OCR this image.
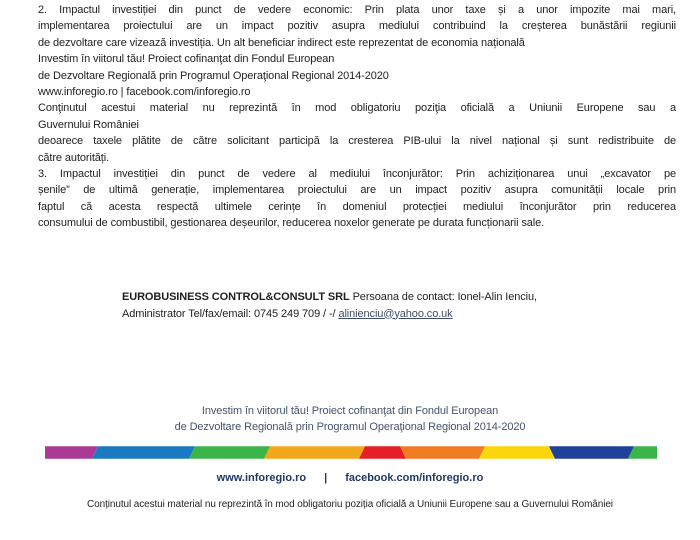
2. Impactul investiției din punct de vedere economic: Prin plata unor taxe și a unor impozite mai mari,
implementarea proiectului are un impact pozitiv asupra mediului contribuind la creșterea bunăstării regiunii
de dezvoltare care vizează investiția. Un alt beneficiar indirect este reprezentat de economia națională
Investim în viitorul tău! Proiect cofinanţat din Fondul European
de Dezvoltare Regională prin Programul Operaţional Regional 2014-2020
www.inforegio.ro | facebook.com/inforegio.ro
Conţinutul acestui material nu reprezintă în mod obligatoriu poziţia oficială a Uniunii Europene sau a
Guvernului României
deoarece taxele plătite de către solicitant participă la cresterea PIB-ului la nivel național și sunt redistribuite de
către autorități.
3. Impactul investiției din punct de vedere al mediului înconjurător: Prin achiziționarea unui „excavator pe
șenile” de ultimă generație, implementarea proiectului are un impact pozitiv asupra comunității locale prin
faptul că acesta respectă ultimele cerințe în domeniul protecției mediului înconjurător prin reducerea
consumului de combustibil, gestionarea deșeurilor, reducerea noxelor generate pe durata funcționarii sale.
EUROBUSINESS CONTROL&CONSULT SRL Persoana de contact: Ionel-Alin Ienciu,
Administrator Tel/fax/email: 0745 249 709 / -/ alinienciu@yahoo.co.uk
Investim în viitorul tău! Proiect cofinanţat din Fondul European
de Dezvoltare Regională prin Programul Operaţional Regional 2014-2020
www.inforegio.ro | facebook.com/inforegio.ro
Conținutul acestui material nu reprezintă în mod obligatoriu poziția oficială a Uniunii Europene sau a Guvernului României
